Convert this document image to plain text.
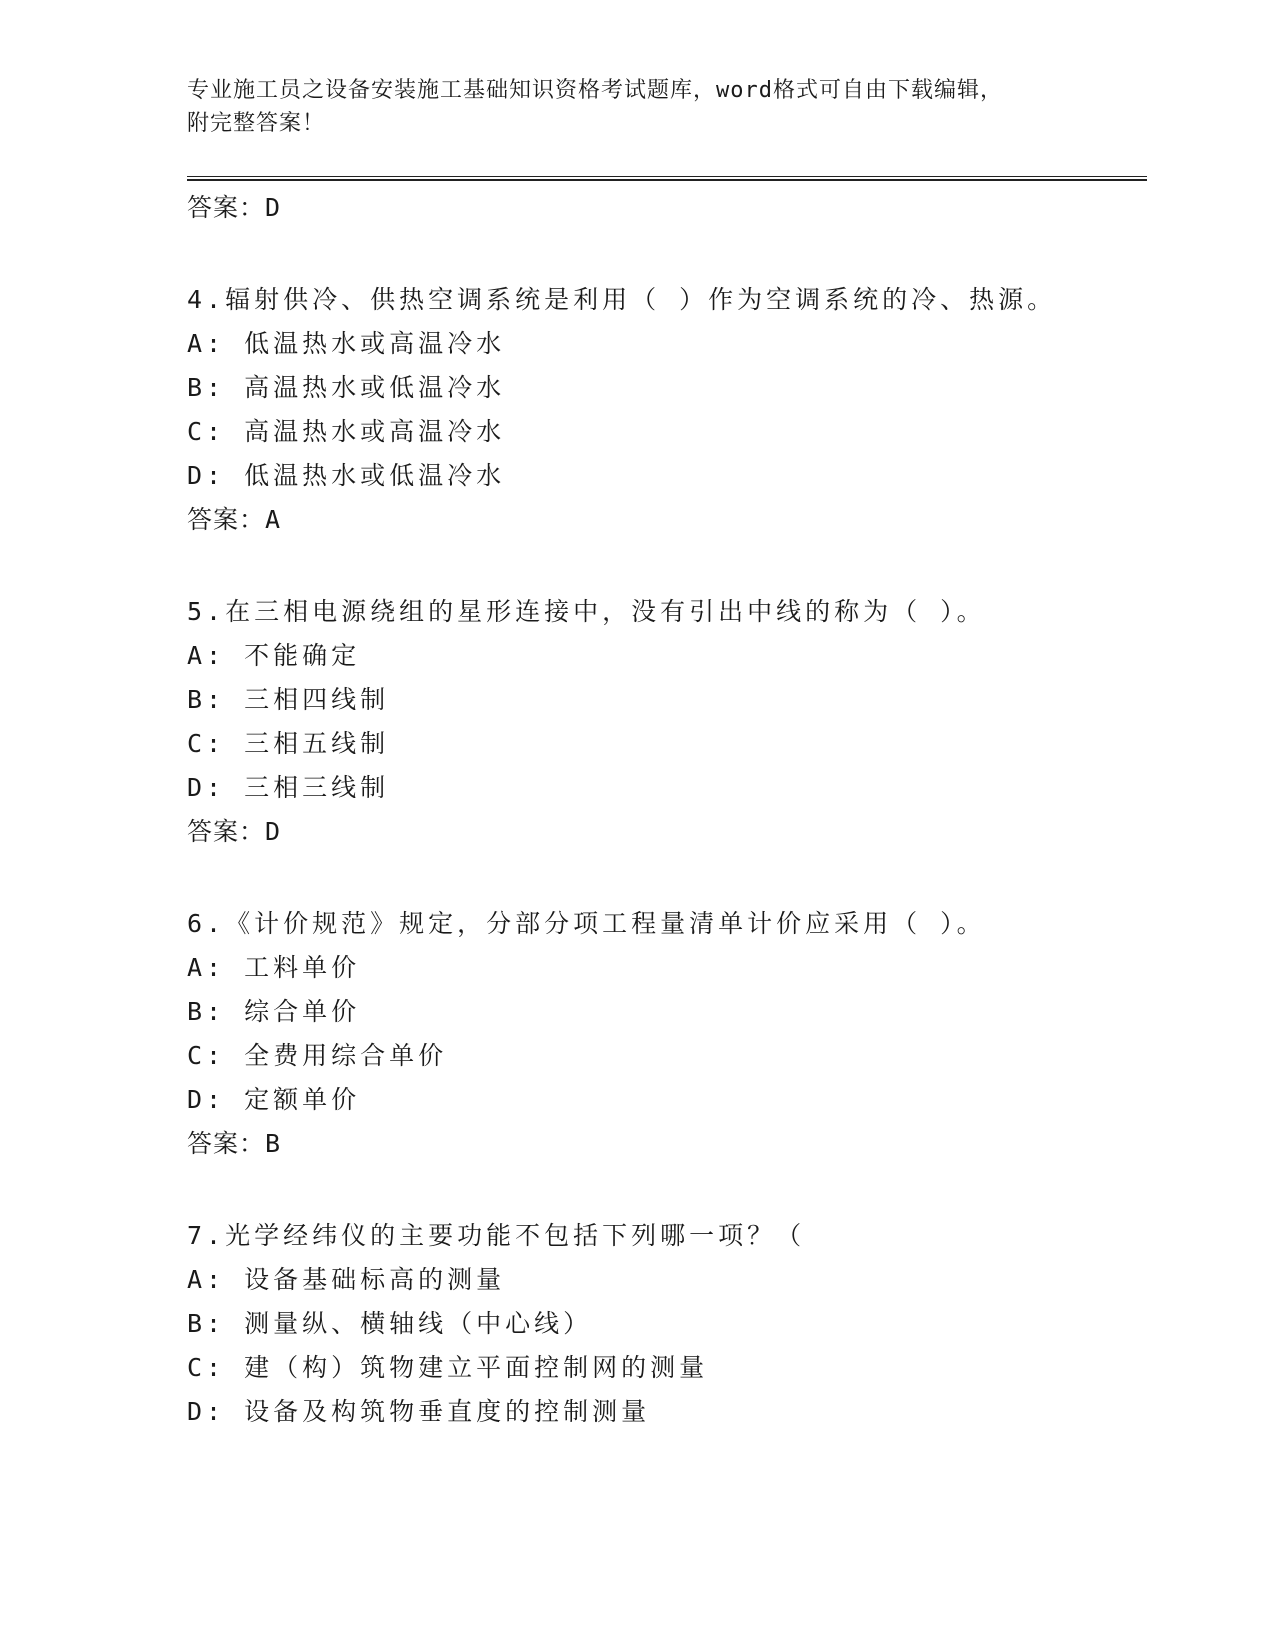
专业施工员之设备安装施工基础知识资格考试题库，word格式可自由下载编辑，
附完整答案！
答案：D
4.辐射供冷、供热空调系统是利用（ ）作为空调系统的冷、热源。
A: 低温热水或高温冷水
B: 高温热水或低温冷水
C: 高温热水或高温冷水
D: 低温热水或低温冷水
答案：A
5.在三相电源绕组的星形连接中，没有引出中线的称为（ ）。
A: 不能确定
B: 三相四线制
C: 三相五线制
D: 三相三线制
答案：D
6.《计价规范》规定，分部分项工程量清单计价应采用（ ）。
A: 工料单价
B: 综合单价
C: 全费用综合单价
D: 定额单价
答案：B
7.光学经纬仪的主要功能不包括下列哪一项？（
A: 设备基础标高的测量
B: 测量纵、横轴线（中心线）
C: 建（构）筑物建立平面控制网的测量
D: 设备及构筑物垂直度的控制测量
